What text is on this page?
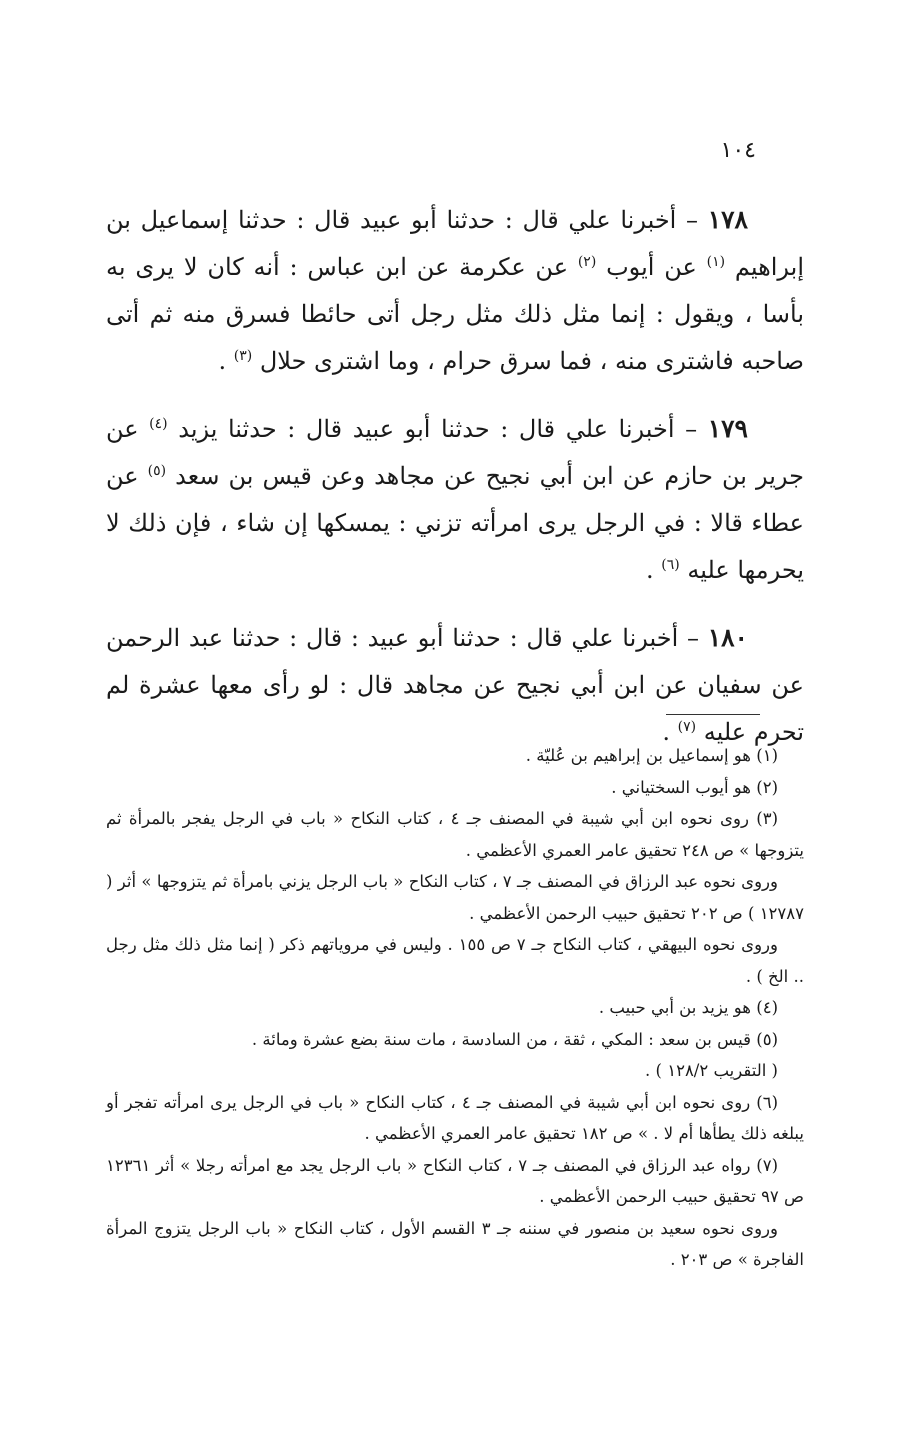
١٠٤

١٧٨ – أخبرنا علي قال : حدثنا أبو عبيد قال : حدثنا إسماعيل بن إبراهيم $^{(١)}$ عن أيوب $^{(٢)}$ عن عكرمة عن ابن عباس : أنه كان لا يرى به بأسا ، ويقول : إنما مثل ذلك مثل رجل أتى حائطا فسرق منه ثم أتى صاحبه فاشترى منه ، فما سرق حرام ، وما اشترى حلال $^{(٣)}$ .

١٧٩ – أخبرنا علي قال : حدثنا أبو عبيد قال : حدثنا يزيد $^{(٤)}$ عن جرير بن حازم عن ابن أبي نجيح عن مجاهد وعن قيس بن سعد $^{(٥)}$ عن عطاء قالا : في الرجل يرى امرأته تزني : يمسكها إن شاء ، فإن ذلك لا يحرمها عليه $^{(٦)}$ .

١٨٠ – أخبرنا علي قال : حدثنا أبو عبيد : قال : حدثنا عبد الرحمن عن سفيان عن ابن أبي نجيح عن مجاهد قال : لو رأى معها عشرة لم تحرم عليه $^{(٧)}$ .

(١) هو إسماعيل بن إبراهيم بن عُليّة .

(٢) هو أيوب السختياني .

(٣) روى نحوه ابن أبي شيبة في المصنف جـ ٤ ، كتاب النكاح « باب في الرجل يفجر بالمرأة ثم يتزوجها » ص ٢٤٨ تحقيق عامر العمري الأعظمي .

وروى نحوه عبد الرزاق في المصنف جـ ٧ ، كتاب النكاح « باب الرجل يزني بامرأة ثم يتزوجها » أثر ( ١٢٧٨٧ ) ص ٢٠٢ تحقيق حبيب الرحمن الأعظمي .

وروى نحوه البيهقي ، كتاب النكاح جـ ٧ ص ١٥٥ . وليس في مروياتهم ذكر ( إنما مثل ذلك مثل رجل .. الخ ) .

(٤) هو يزيد بن أبي حبيب .

(٥) قيس بن سعد : المكي ، ثقة ، من السادسة ، مات سنة بضع عشرة ومائة .

( التقريب ١٢٨/٢ ) .

(٦) روى نحوه ابن أبي شيبة في المصنف جـ ٤ ، كتاب النكاح « باب في الرجل يرى امرأته تفجر أو يبلغه ذلك يطأها أم لا . » ص ١٨٢ تحقيق عامر العمري الأعظمي .

(٧) رواه عبد الرزاق في المصنف جـ ٧ ، كتاب النكاح « باب الرجل يجد مع امرأته رجلا » أثر ١٢٣٦١ ص ٩٧ تحقيق حبيب الرحمن الأعظمي .

وروى نحوه سعيد بن منصور في سننه جـ ٣ القسم الأول ، كتاب النكاح « باب الرجل يتزوج المرأة الفاجرة » ص ٢٠٣ .
